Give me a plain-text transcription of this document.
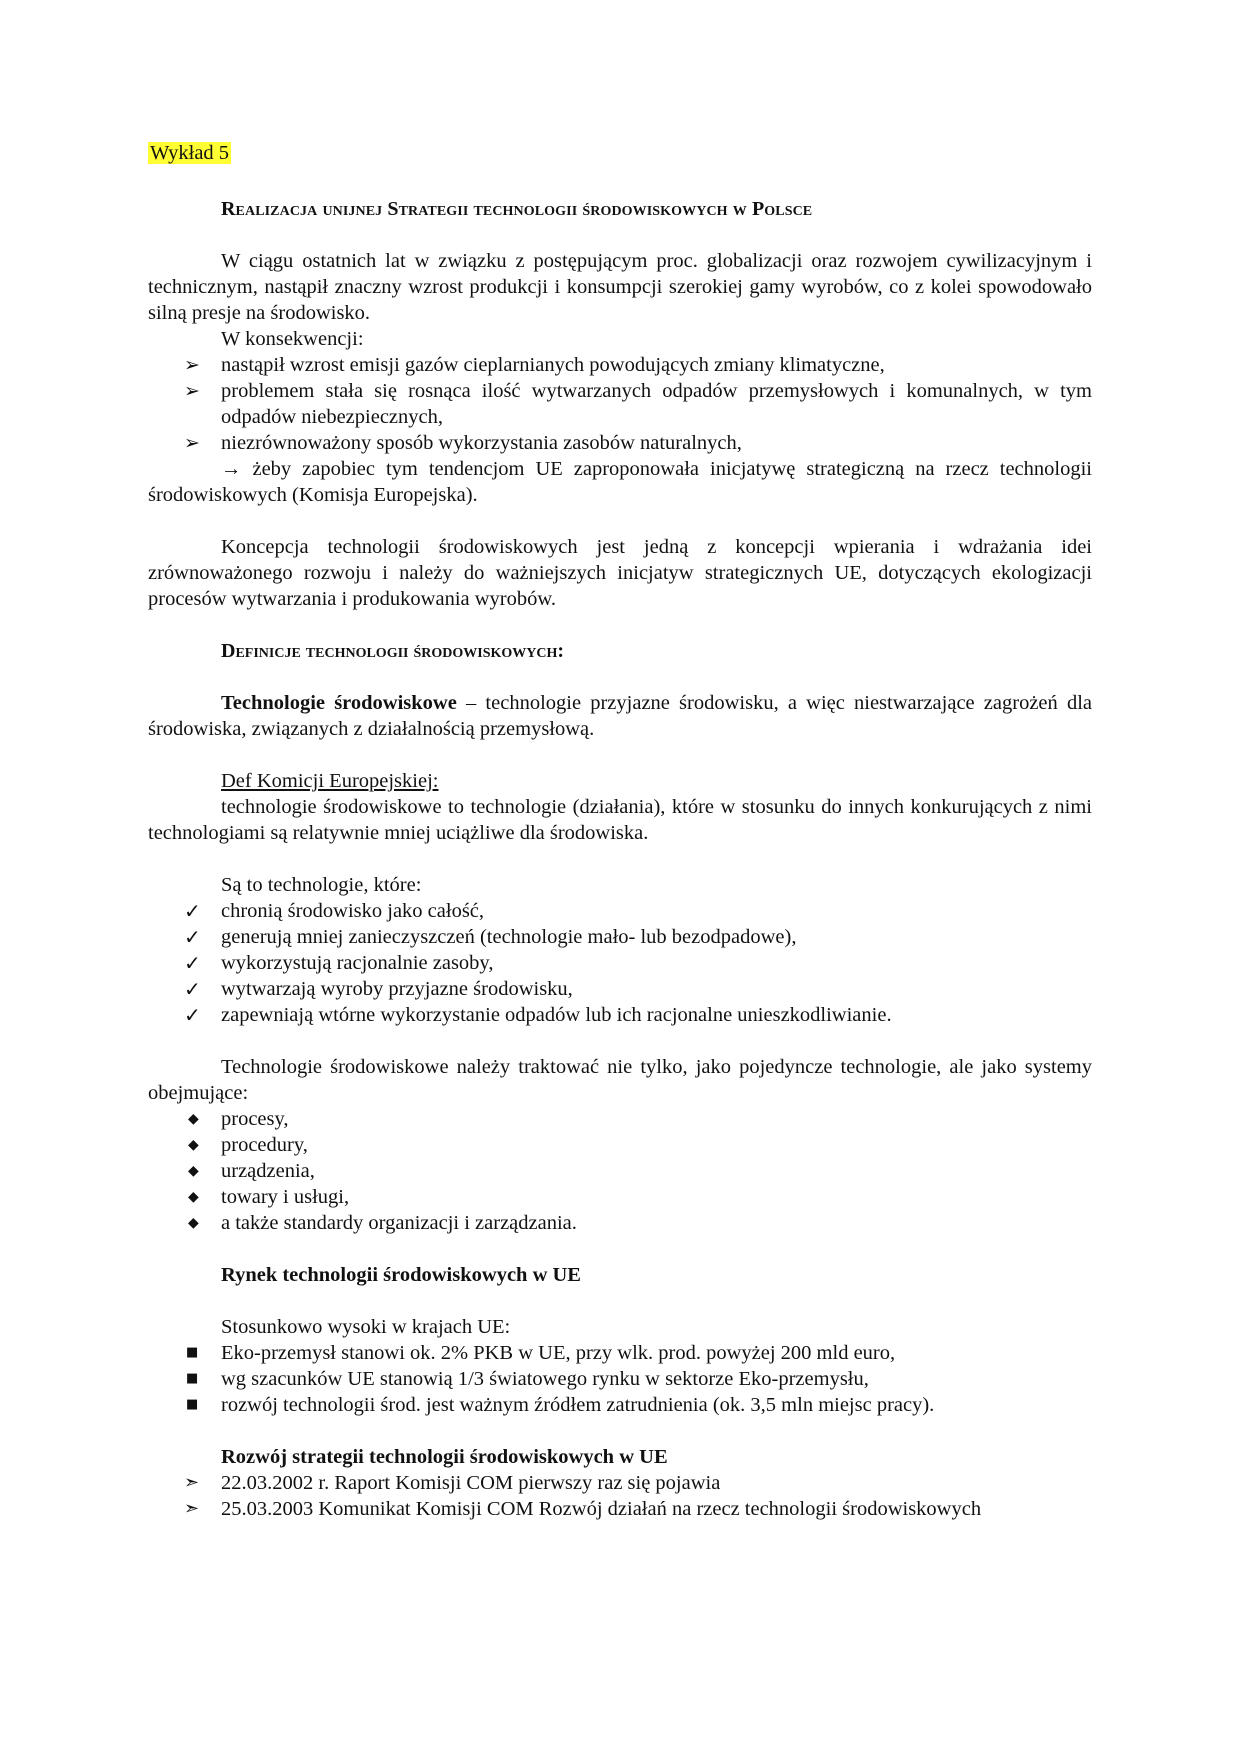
Wykład 5
Realizacja unijnej Strategii technologii środowiskowych w Polsce

W ciągu ostatnich lat w związku z postępującym proc. globalizacji oraz rozwojem cywilizacyjnym i technicznym, nastąpił znaczny wzrost produkcji i konsumpcji szerokiej gamy wyrobów, co z kolei spowodowało silną presje na środowisko.

W konsekwencji:
➢	nastąpił wzrost emisji gazów cieplarnianych powodujących zmiany klimatyczne,
➢	problemem stała się rosnąca ilość wytwarzanych odpadów przemysłowych i komunalnych, w tym odpadów niebezpiecznych,
➢	niezrównoważony sposób wykorzystania zasobów naturalnych,

→ żeby zapobiec tym tendencjom UE zaproponowała inicjatywę strategiczną na rzecz technologii środowiskowych (Komisja Europejska).

Koncepcja technologii środowiskowych jest jedną z koncepcji wpierania i wdrażania idei zrównoważonego rozwoju i należy do ważniejszych inicjatyw strategicznych UE, dotyczących ekologizacji procesów wytwarzania i produkowania wyrobów.

Definicje technologii środowiskowych:

Technologie środowiskowe – technologie przyjazne środowisku, a więc niestwarzające zagrożeń dla środowiska, związanych z działalnością przemysłową.

Def Komicji Europejskiej:

technologie środowiskowe to technologie (działania), które w stosunku do innych konkurujących z nimi technologiami są relatywnie mniej uciążliwe dla środowiska.

Są to technologie, które:
✓ chronią środowisko jako całość,
✓ generują mniej zanieczyszczeń (technologie mało- lub bezodpadowe),
✓ wykorzystują racjonalnie zasoby,
✓ wytwarzają wyroby przyjazne środowisku,
✓ zapewniają wtórne wykorzystanie odpadów lub ich racjonalne unieszkodliwianie.

Technologie środowiskowe należy traktować nie tylko, jako pojedyncze technologie, ale jako systemy obejmujące:

◆	procesy,
◆	procedury,
◆	urządzenia,
◆	towary i usługi,
◆	a także standardy organizacji i zarządzania.
Rynek technologii środowiskowych w UE
Stosunkowo wysoki w krajach UE:
■	Eko-przemysł stanowi ok. 2% PKB w UE, przy wlk. prod. powyżej 200 mld euro,
■	wg szacunków UE stanowią 1/3 światowego rynku w sektorze Eko-przemysłu,
■	rozwój technologii środ. jest ważnym źródłem zatrudnienia (ok. 3,5 mln miejsc pracy).
Rozwój strategii technologii środowiskowych w UE
➣	22.03.2002 r. Raport Komisji COM pierwszy raz się pojawia
➣	25.03.2003 Komunikat Komisji COM Rozwój działań na rzecz technologii środowiskowych
